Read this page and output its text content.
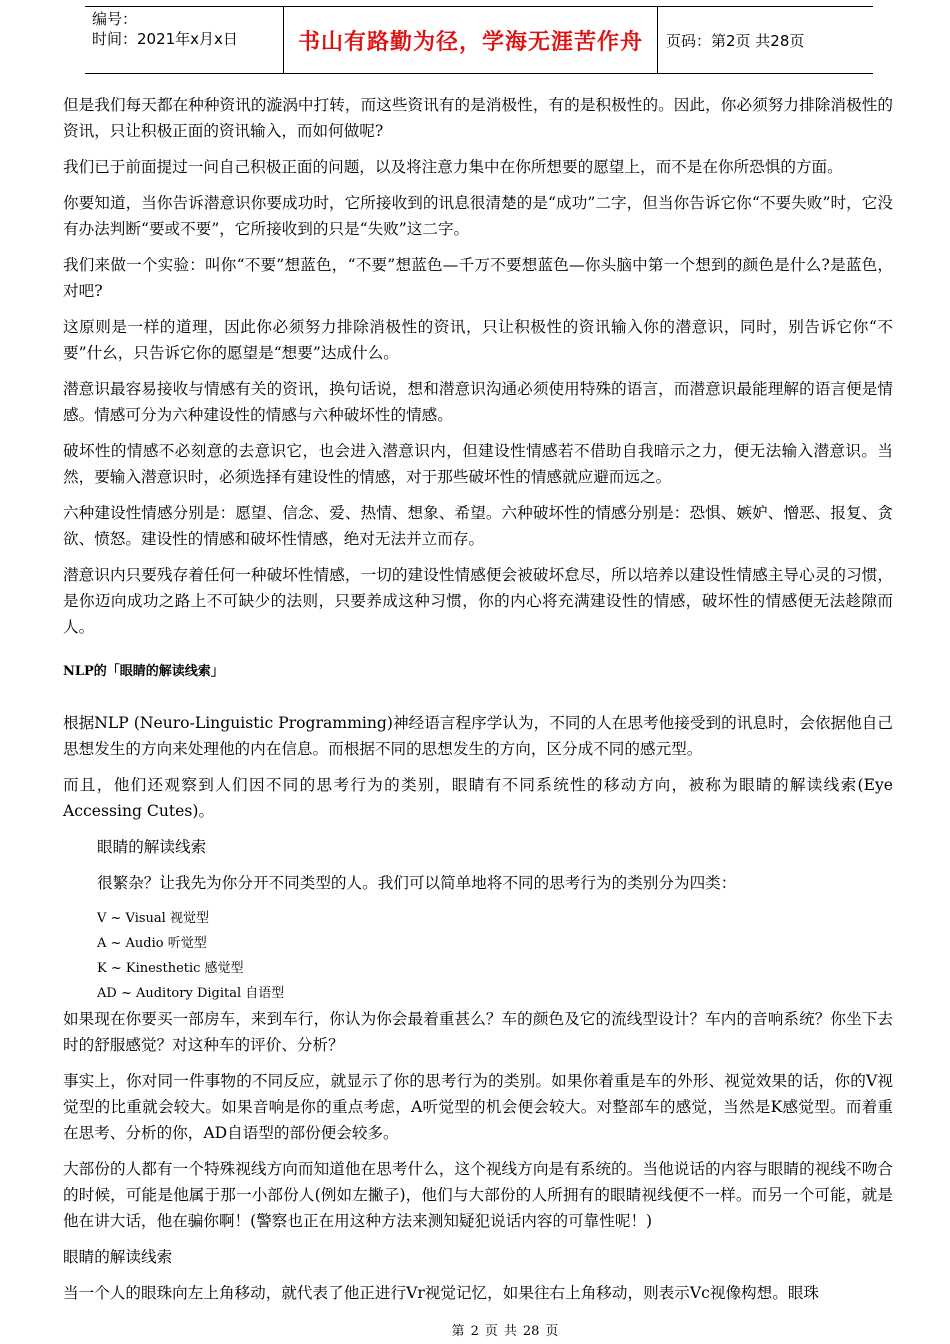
编号：
时间：2021年x月x日	书山有路勤为径，学海无涯苦作舟	页码：第2页 共28页

但是我们每天都在种种资讯的漩涡中打转，而这些资讯有的是消极性，有的是积极性的。因此，你必须努力排除消极性的资讯，只让积极正面的资讯输入，而如何做呢?

我们已于前面提过一问自己积极正面的问题，以及将注意力集中在你所想要的愿望上，而不是在你所恐惧的方面。

你要知道，当你告诉潜意识你要成功时，它所接收到的讯息很清楚的是“成功”二字，但当你告诉它你“不要失败”时，它没有办法判断“要或不要”，它所接收到的只是“失败”这二字。

我们来做一个实验：叫你“不要”想蓝色，“不要”想蓝色—千万不要想蓝色—你头脑中第一个想到的颜色是什么?是蓝色，对吧?

这原则是一样的道理，因此你必须努力排除消极性的资讯，只让积极性的资讯输入你的潜意识，同时，别告诉它你“不要”什幺，只告诉它你的愿望是“想要”达成什么。

潜意识最容易接收与情感有关的资讯，换句话说，想和潜意识沟通必须使用特殊的语言，而潜意识最能理解的语言便是情感。情感可分为六种建设性的情感与六种破坏性的情感。

破坏性的情感不必刻意的去意识它，也会进入潜意识内，但建设性情感若不借助自我暗示之力，便无法输入潜意识。当然，要输入潜意识时，必须选择有建设性的情感，对于那些破坏性的情感就应避而远之。

六种建设性情感分别是：愿望、信念、爱、热情、想象、希望。六种破坏性的情感分别是：恐惧、嫉妒、憎恶、报复、贪欲、愤怒。建设性的情感和破坏性情感，绝对无法并立而存。

潜意识内只要残存着任何一种破坏性情感，一切的建设性情感便会被破坏怠尽，所以培养以建设性情感主导心灵的习惯，是你迈向成功之路上不可缺少的法则，只要养成这种习惯，你的内心将充满建设性的情感，破坏性的情感便无法趁隙而人。

NLP的「眼睛的解读线索」

根据NLP (Neuro-Linguistic Programming)神经语言程序学认为，不同的人在思考他接受到的讯息时，会依据他自己思想发生的方向来处理他的内在信息。而根据不同的思想发生的方向，区分成不同的感元型。

而且，他们还观察到人们因不同的思考行为的类别，眼睛有不同系统性的移动方向，被称为眼睛的解读线索(Eye Accessing Cutes)。

眼睛的解读线索

很繁杂？让我先为你分开不同类型的人。我们可以简单地将不同的思考行为的类别分为四类：

V ~ Visual 视觉型
A ~ Audio 听觉型
K ~ Kinesthetic 感觉型
AD ~ Auditory Digital 自语型

如果现在你要买一部房车，来到车行，你认为你会最着重甚么？车的颜色及它的流线型设计？车内的音响系统？你坐下去时的舒服感觉？对这种车的评价、分析？

事实上，你对同一件事物的不同反应，就显示了你的思考行为的类别。如果你着重是车的外形、视觉效果的话，你的V视觉型的比重就会较大。如果音响是你的重点考虑，A听觉型的机会便会较大。对整部车的感觉，当然是K感觉型。而着重在思考、分析的你，AD自语型的部份便会较多。

大部份的人都有一个特殊视线方向而知道他在思考什么，这个视线方向是有系统的。当他说话的内容与眼睛的视线不吻合的时候，可能是他属于那一小部份人(例如左撇子)，他们与大部份的人所拥有的眼睛视线便不一样。而另一个可能，就是他在讲大话，他在骗你啊！(警察也正在用这种方法来测知疑犯说话内容的可靠性呢！)

眼睛的解读线索

当一个人的眼珠向左上角移动，就代表了他正进行Vr视觉记忆，如果往右上角移动，则表示Vc视像构想。眼珠

第 2 页 共 28 页
